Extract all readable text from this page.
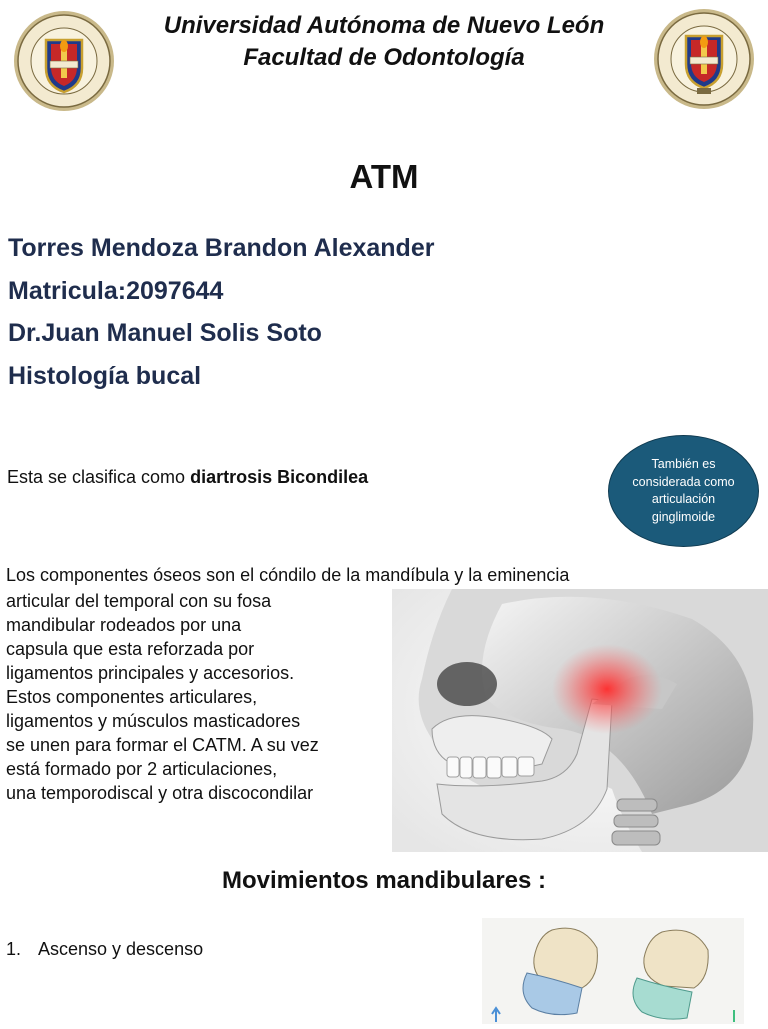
Universidad Autónoma de Nuevo León
Facultad de Odontología
ATM
Torres Mendoza Brandon Alexander
Matricula:2097644
Dr.Juan Manuel Solis Soto
Histología bucal
Esta se clasifica como diartrosis Bicondilea
También es considerada como articulación ginglimoide
Los componentes óseos son el cóndilo de la mandíbula y la eminencia
articular del temporal con su fosa
mandibular rodeados por una
capsula que esta reforzada por
ligamentos principales y accesorios.
Estos componentes articulares,
ligamentos y músculos masticadores
se unen para formar el CATM. A su vez
está formado por 2 articulaciones,
una temporodiscal y otra discocondilar
Movimientos mandibulares :
1. Ascenso y descenso
